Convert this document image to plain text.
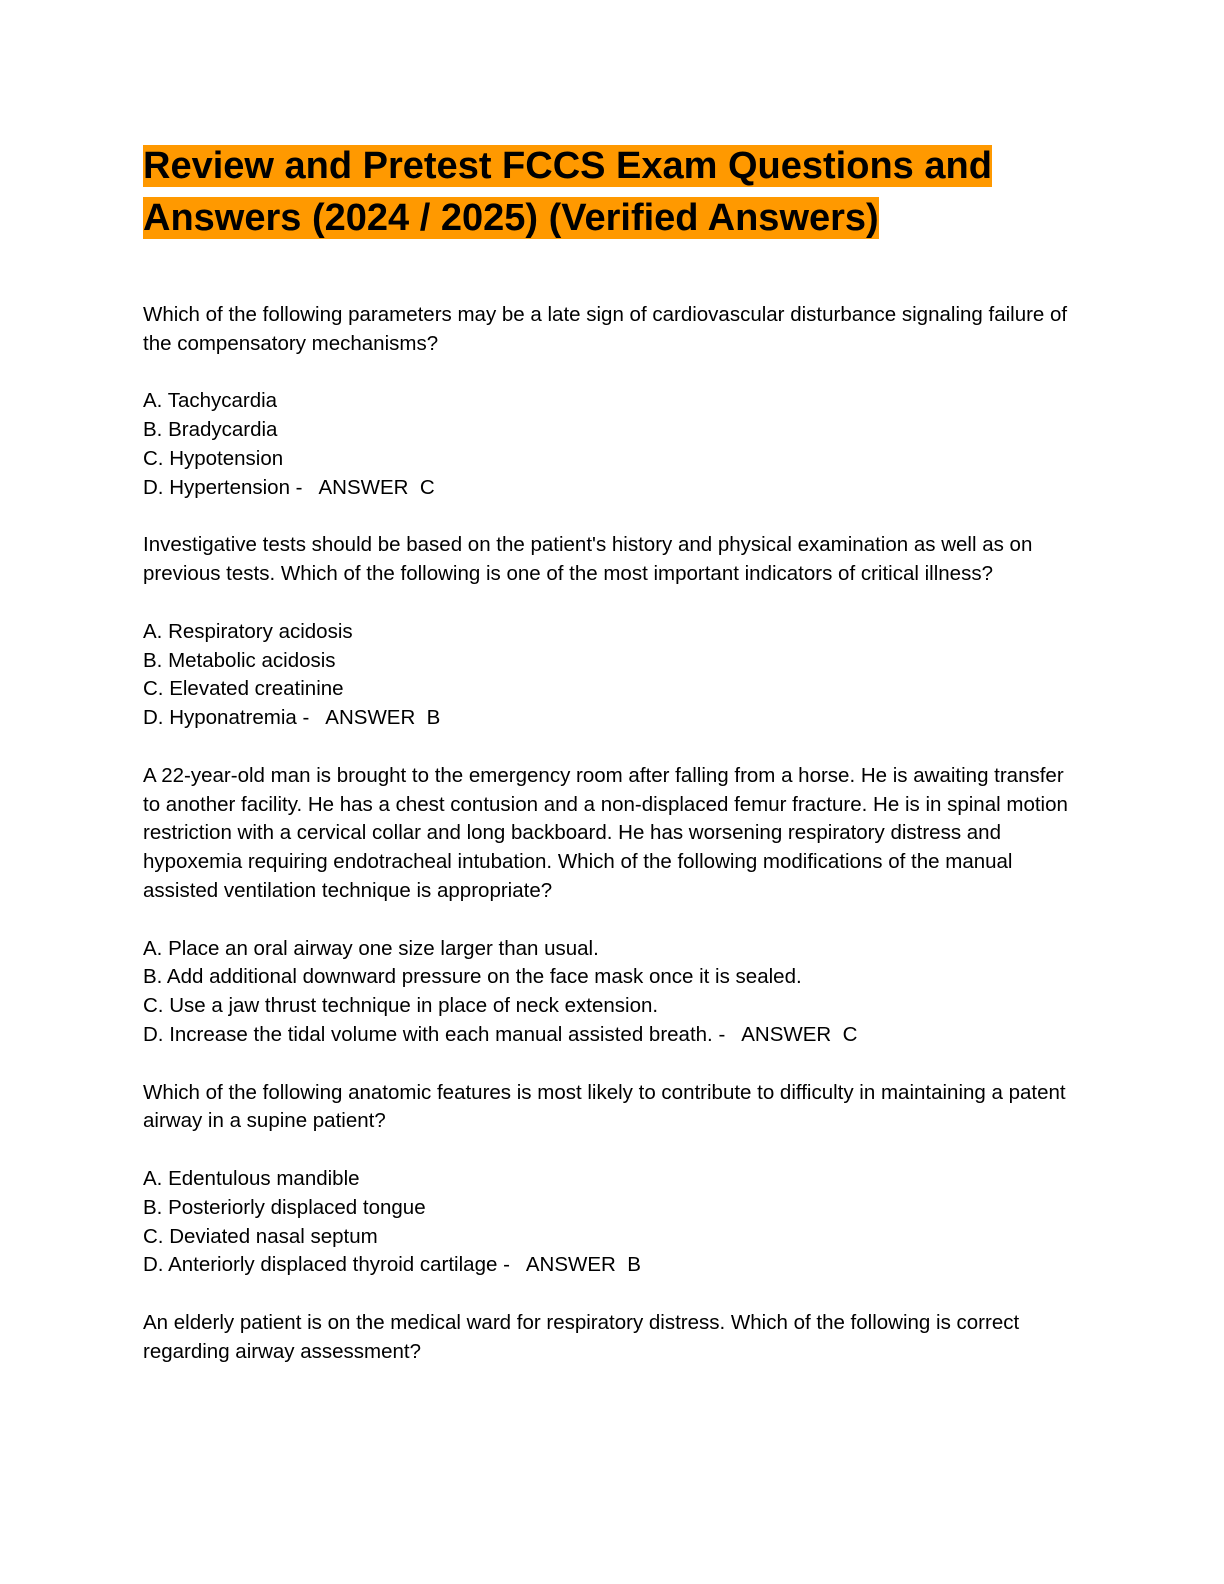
Review and Pretest FCCS Exam Questions and
Answers (2024 / 2025) (Verified Answers)

Which of the following parameters may be a late sign of cardiovascular disturbance signaling failure of the compensatory mechanisms?

A. Tachycardia
B. Bradycardia
C. Hypotension
D. Hypertension -   ANSWER  C

Investigative tests should be based on the patient's history and physical examination as well as on previous tests. Which of the following is one of the most important indicators of critical illness?

A. Respiratory acidosis
B. Metabolic acidosis
C. Elevated creatinine
D. Hyponatremia -   ANSWER  B

A 22-year-old man is brought to the emergency room after falling from a horse. He is awaiting transfer to another facility. He has a chest contusion and a non-displaced femur fracture. He is in spinal motion restriction with a cervical collar and long backboard. He has worsening respiratory distress and hypoxemia requiring endotracheal intubation. Which of the following modifications of the manual assisted ventilation technique is appropriate?

A. Place an oral airway one size larger than usual.
B. Add additional downward pressure on the face mask once it is sealed.
C. Use a jaw thrust technique in place of neck extension.
D. Increase the tidal volume with each manual assisted breath. -   ANSWER  C

Which of the following anatomic features is most likely to contribute to difficulty in maintaining a patent airway in a supine patient?

A. Edentulous mandible
B. Posteriorly displaced tongue
C. Deviated nasal septum
D. Anteriorly displaced thyroid cartilage -   ANSWER  B

An elderly patient is on the medical ward for respiratory distress. Which of the following is correct regarding airway assessment?
